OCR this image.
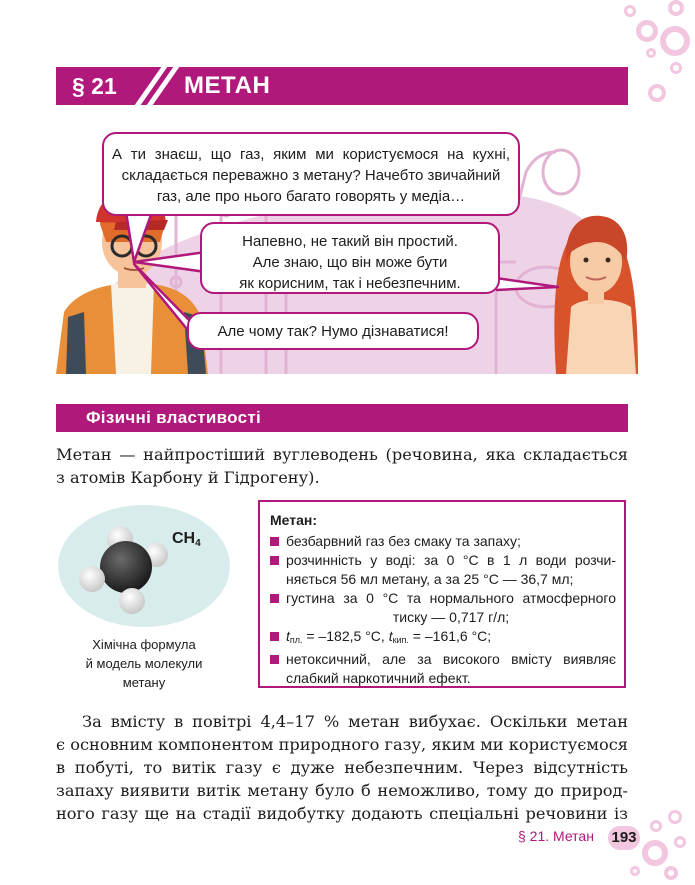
§ 21	МЕТАН
А ти знаєш, що газ, яким ми користуємося на кухні,
складається переважно з метану? Начебто звичайний
газ, але про нього багато говорять у медіа…
Напевно, не такий він простий.
Але знаю, що він може бути
як корисним, так і небезпечним.
Але чому так? Нумо дізнаватися!
Фізичні властивості
Метан — найпростіший вуглеводень (речовина, яка складається
з атомів Карбону й Гідрогену).
CH4
Хімічна формула
й модель молекули
метану
Метан:
безбарвний газ без смаку та запаху;
розчинність у воді: за 0 °С в 1 л води розчи-
няється 56 мл метану, а за 25 °С — 36,7 мл;
густина за 0 °С та нормального атмосферного
тиску — 0,717 г/л;
$t_{пл.} = -182,5$ °С, $t_{кип.} = -161,6$ °С;
нетоксичний, але за високого вмісту виявляє
слабкий наркотичний ефект.
За вмісту в повітрі 4,4–17 % метан вибухає. Оскільки метан
є основним компонентом природного газу, яким ми користуємося
в побуті, то витік газу є дуже небезпечним. Через відсутність
запаху виявити витік метану було б неможливо, тому до природ-
ного газу ще на стадії видобутку додають спеціальні речовини із
§ 21. Метан 193
